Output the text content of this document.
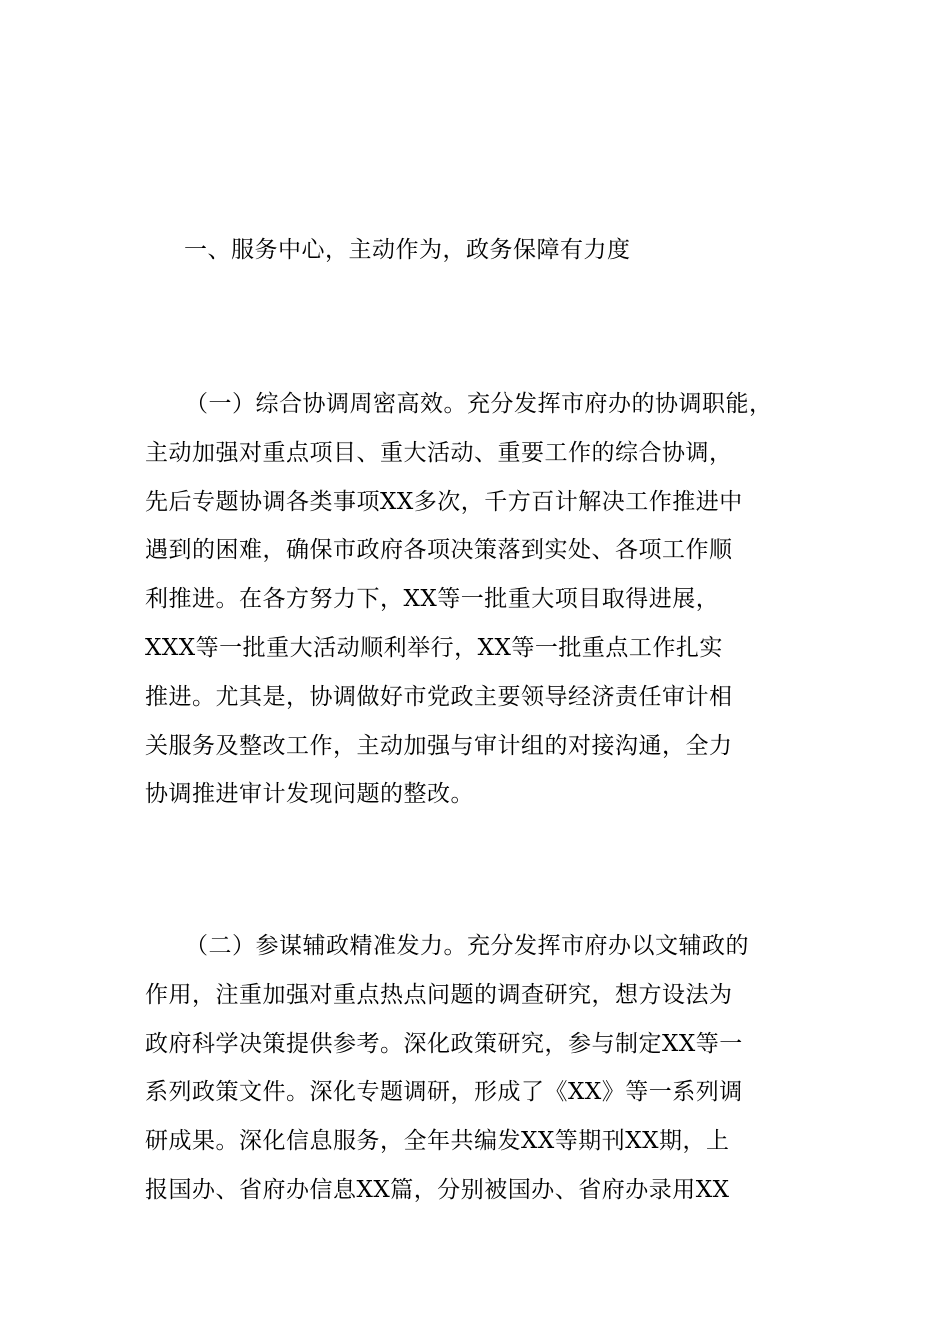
一、服务中心，主动作为，政务保障有力度
（一）综合协调周密高效。充分发挥市府办的协调职能，
主动加强对重点项目、重大活动、重要工作的综合协调，
先后专题协调各类事项XX多次，千方百计解决工作推进中
遇到的困难，确保市政府各项决策落到实处、各项工作顺
利推进。在各方努力下，XX等一批重大项目取得进展，
XXX等一批重大活动顺利举行，XX等一批重点工作扎实
推进。尤其是，协调做好市党政主要领导经济责任审计相
关服务及整改工作，主动加强与审计组的对接沟通，全力
协调推进审计发现问题的整改。
（二）参谋辅政精准发力。充分发挥市府办以文辅政的
作用，注重加强对重点热点问题的调查研究，想方设法为
政府科学决策提供参考。深化政策研究，参与制定XX等一
系列政策文件。深化专题调研，形成了《XX》等一系列调
研成果。深化信息服务，全年共编发XX等期刊XX期，上
报国办、省府办信息XX篇，分别被国办、省府办录用XX
